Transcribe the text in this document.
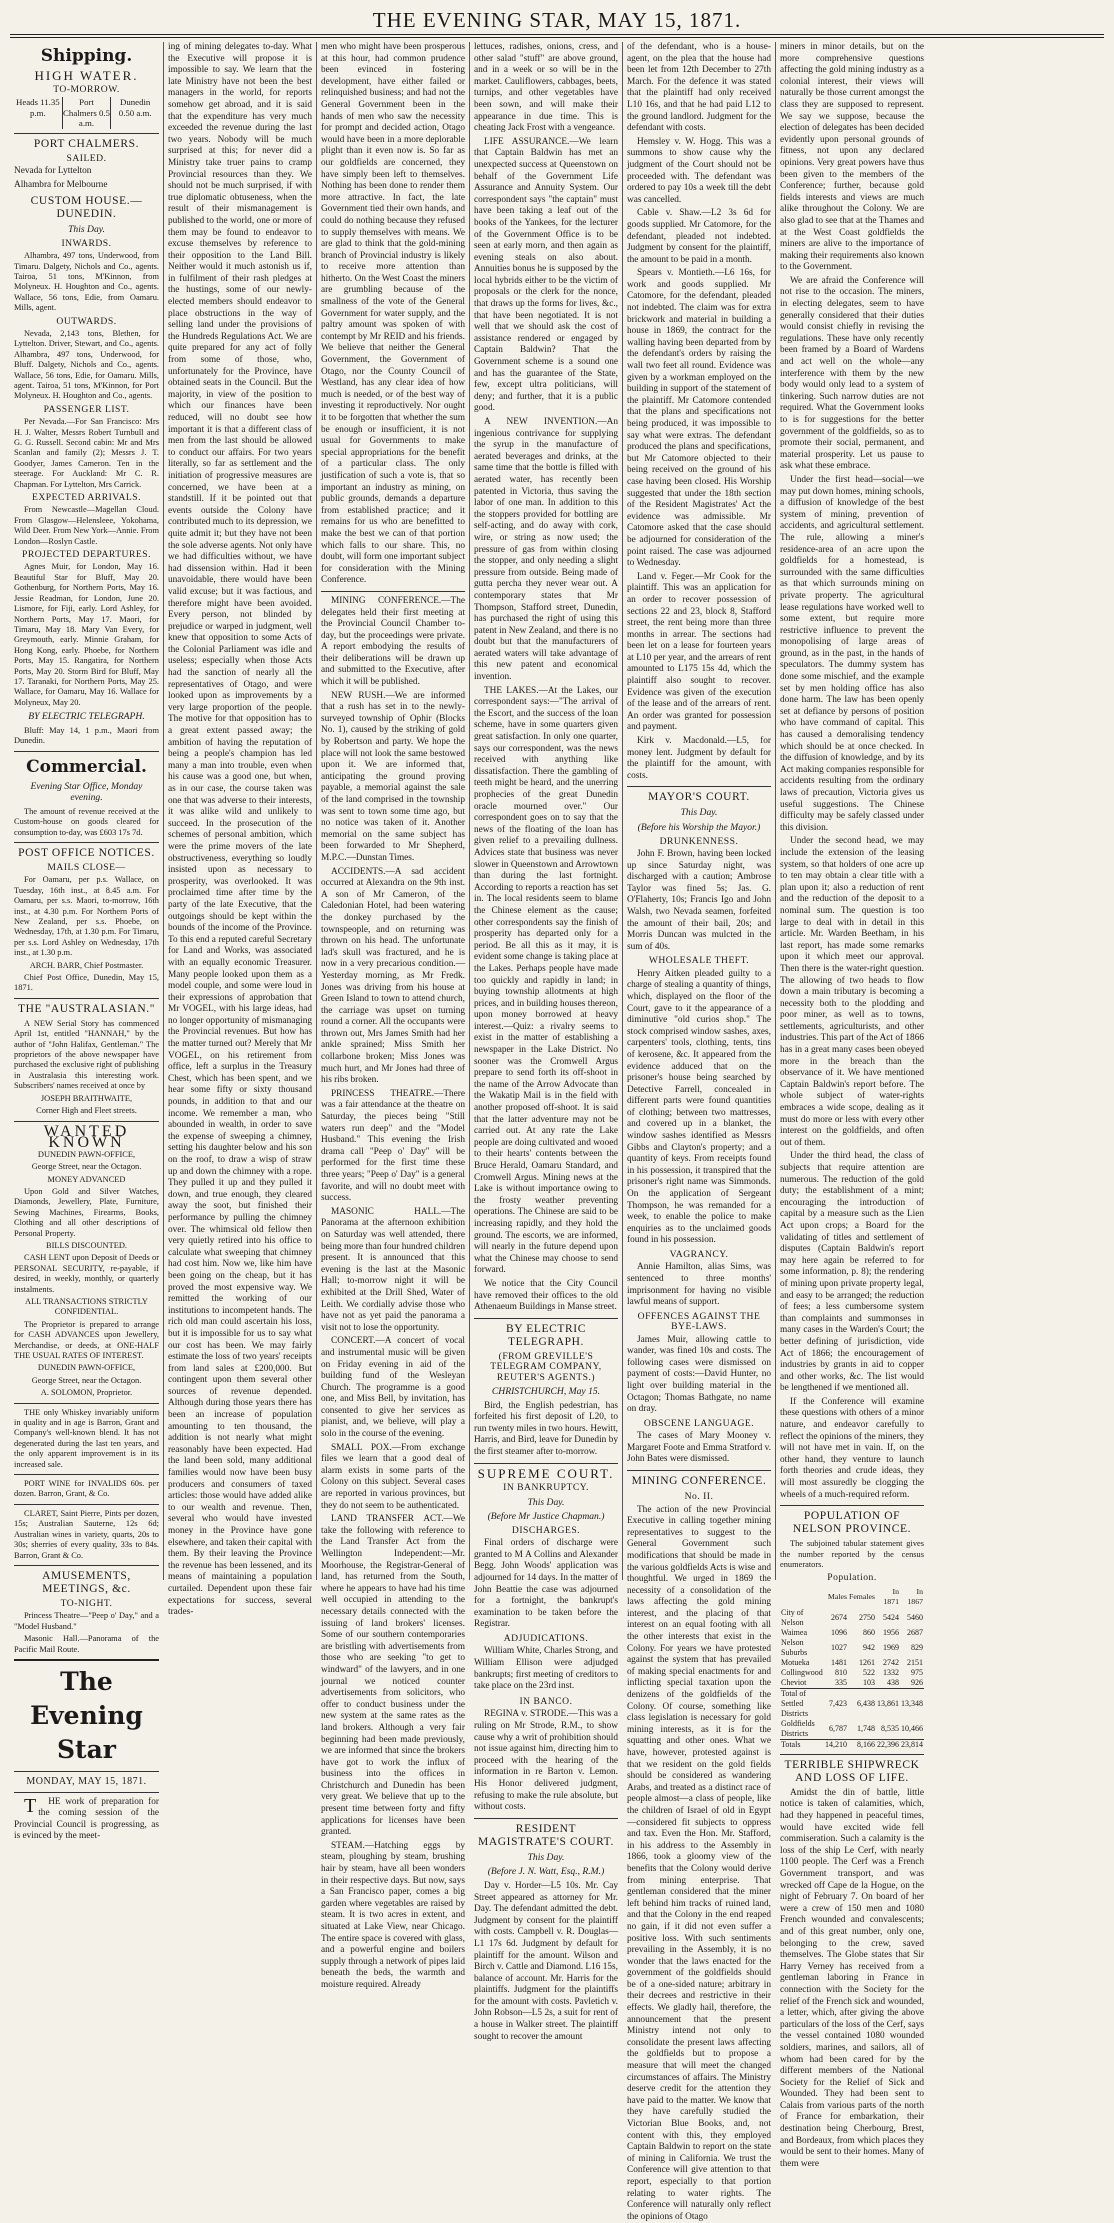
THE EVENING STAR, MAY 15, 1871.
Shipping.
HIGH WATER.
TO-MORROW.
Heads 11.35 p.m.
Port Chalmers 0.5 a.m.
Dunedin 0.50 a.m.
PORT CHALMERS.
SAILED.

Nevada for Lyttelton

Alhambra for Melbourne

CUSTOM HOUSE.—DUNEDIN.
This Day.
INWARDS.

Alhambra, 497 tons, Underwood, from Timaru. Dalgety, Nichols and Co., agents. Tairoa, 51 tons, M'Kinnon, from Molyneux. H. Houghton and Co., agents. Wallace, 56 tons, Edie, from Oamaru. Mills, agent.

OUTWARDS.

Nevada, 2,143 tons, Blethen, for Lyttelton. Driver, Stewart, and Co., agents. Alhambra, 497 tons, Underwood, for Bluff. Dalgety, Nichols and Co., agents. Wallace, 56 tons, Edie, for Oamaru. Mills, agent. Tairoa, 51 tons, M'Kinnon, for Port Molyneux. H. Houghton and Co., agents.

PASSENGER LIST.

Per Nevada.—For San Francisco: Mrs H. J. Walter, Messrs Robert Turnbull and G. G. Russell. Second cabin: Mr and Mrs Scanlan and family (2); Messrs J. T. Goodyer, James Cameron. Ten in the steerage. For Auckland: Mr C. R. Chapman. For Lyttelton, Mrs Carrick.

EXPECTED ARRIVALS.

From Newcastle—Magellan Cloud. From Glasgow—Helensleee, Yokohama, Wild Deer. From New York—Annie. From London—Roslyn Castle.

PROJECTED DEPARTURES.

Agnes Muir, for London, May 16. Beautiful Star for Bluff, May 20. Gothenburg, for Northern Ports, May 16. Jessie Readman, for London, June 20. Lismore, for Fiji, early. Lord Ashley, for Northern Ports, May 17. Maori, for Timaru, May 18. Mary Van Every, for Greymouth, early. Minnie Graham, for Hong Kong, early. Phoebe, for Northern Ports, May 15. Rangatira, for Northern Ports, May 20. Storm Bird for Bluff, May 17. Taranaki, for Northern Ports, May 25. Wallace, for Oamaru, May 16. Wallace for Molyneux, May 20.

BY ELECTRIC TELEGRAPH.

Bluff: May 14, 1 p.m., Maori from Dunedin.

Commercial.
Evening Star Office, Monday evening.

The amount of revenue received at the Custom-house on goods cleared for consumption to-day, was £603 17s 7d.

POST OFFICE NOTICES.
MAILS CLOSE—

For Oamaru, per p.s. Wallace, on Tuesday, 16th inst., at 8.45 a.m. For Oamaru, per s.s. Maori, to-morrow, 16th inst., at 4.30 p.m. For Northern Ports of New Zealand, per s.s. Phoebe, on Wednesday, 17th, at 1.30 p.m. For Timaru, per s.s. Lord Ashley on Wednesday, 17th inst., at 1.30 p.m.

ARCH. BARR, Chief Postmaster.

Chief Post Office, Dunedin, May 15, 1871.

THE "AUSTRALASIAN."

A NEW Serial Story has commenced April 1st, entitled "HANNAH," by the author of "John Halifax, Gentleman." The proprietors of the above newspaper have purchased the exclusive right of publishing in Australasia this interesting work. Subscribers' names received at once by

JOSEPH BRAITHWAITE,

Corner High and Fleet streets.

WANTED KNOWN

DUNEDIN PAWN-OFFICE,

George Street, near the Octagon.

MONEY ADVANCED

Upon Gold and Silver Watches, Diamonds, Jewellery, Plate, Furniture, Sewing Machines, Firearms, Books, Clothing and all other descriptions of Personal Property.

BILLS DISCOUNTED.

CASH LENT upon Deposit of Deeds or PERSONAL SECURITY, re-payable, if desired, in weekly, monthly, or quarterly instalments.

ALL TRANSACTIONS STRICTLY CONFIDENTIAL.

The Proprietor is prepared to arrange for CASH ADVANCES upon Jewellery, Merchandise, or deeds, at ONE-HALF THE USUAL RATES OF INTEREST.

DUNEDIN PAWN-OFFICE,

George Street, near the Octagon.

A. SOLOMON, Proprietor.

THE only Whiskey invariably uniform in quality and in age is Barron, Grant and Company's well-known blend. It has not degenerated during the last ten years, and the only apparent improvement is in its increased sale.

PORT WINE for INVALIDS 60s. per dozen. Barron, Grant, & Co.

CLARET, Saint Pierre, Pints per dozen, 15s; Australian Sauterne, 12s 6d; Australian wines in variety, quarts, 20s to 30s; sherries of every quality, 33s to 84s. Barron, Grant & Co.

AMUSEMENTS, MEETINGS, &c.
TO-NIGHT.

Princess Theatre—"Peep o' Day," and a "Model Husband."

Masonic Hall.—Panorama of the Pacific Mail Route.

The Evening Star
MONDAY, MAY 15, 1871.

THE work of preparation for the coming session of the Provincial Council is progressing, as is evinced by the meet-

ing of mining delegates to-day. What the Executive will propose it is impossible to say. We learn that the late Ministry have not been the best managers in the world, for reports somehow get abroad, and it is said that the expenditure has very much exceeded the revenue during the last two years. Nobody will be much surprised at this; for never did a Ministry take truer pains to cramp Provincial resources than they. We should not be much surprised, if with true diplomatic obtuseness, when the result of their mismanagement is published to the world, one or more of them may be found to endeavor to excuse themselves by reference to their opposition to the Land Bill. Neither would it much astonish us if, in fulfilment of their rash pledges at the hustings, some of our newly-elected members should endeavor to place obstructions in the way of selling land under the provisions of the Hundreds Regulations Act. We are quite prepared for any act of folly from some of those, who, unfortunately for the Province, have obtained seats in the Council. But the majority, in view of the position to which our finances have been reduced, will no doubt see how important it is that a different class of men from the last should be allowed to conduct our affairs. For two years literally, so far as settlement and the initiation of progressive measures are concerned, we have been at a standstill. If it be pointed out that events outside the Colony have contributed much to its depression, we quite admit it; but they have not been the sole adverse agents. Not only have we had difficulties without, we have had dissension within. Had it been unavoidable, there would have been valid excuse; but it was factious, and therefore might have been avoided. Every person, not blinded by prejudice or warped in judgment, well knew that opposition to some Acts of the Colonial Parliament was idle and useless; especially when those Acts had the sanction of nearly all the representatives of Otago, and were looked upon as improvements by a very large proportion of the people. The motive for that opposition has to a great extent passed away; the ambition of having the reputation of being a people's champion has led many a man into trouble, even when his cause was a good one, but when, as in our case, the course taken was one that was adverse to their interests, it was alike wild and unlikely to succeed. In the prosecution of the schemes of personal ambition, which were the prime movers of the late obstructiveness, everything so loudly insisted upon as necessary to prosperity, was overlooked. It was proclaimed time after time by the party of the late Executive, that the outgoings should be kept within the bounds of the income of the Province. To this end a reputed careful Secretary for Land and Works, was associated with an equally economic Treasurer. Many people looked upon them as a model couple, and some were loud in their expressions of approbation that Mr VOGEL, with his large ideas, had no longer opportunity of mismanaging the Provincial revenues. But how has the matter turned out? Merely that Mr VOGEL, on his retirement from office, left a surplus in the Treasury Chest, which has been spent, and we hear some fifty or sixty thousand pounds, in addition to that and our income. We remember a man, who abounded in wealth, in order to save the expense of sweeping a chimney, setting his daughter below and his son on the roof, to draw a wisp of straw up and down the chimney with a rope. They pulled it up and they pulled it down, and true enough, they cleared away the soot, but finished their performance by pulling the chimney over. The whimsical old fellow then very quietly retired into his office to calculate what sweeping that chimney had cost him. Now we, like him have been going on the cheap, but it has proved the most expensive way. We remitted the working of our institutions to incompetent hands. The rich old man could ascertain his loss, but it is impossible for us to say what our cost has been. We may fairly estimate the loss of two years' receipts from land sales at £200,000. But contingent upon them several other sources of revenue depended. Although during those years there has been an increase of population amounting to ten thousand, the addition is not nearly what might reasonably have been expected. Had the land been sold, many additional families would now have been busy producers and consumers of taxed articles: those would have added alike to our wealth and revenue. Then, several who would have invested money in the Province have gone elsewhere, and taken their capital with them. By their leaving the Province the revenue has been lessened, and its means of maintaining a population curtailed. Dependent upon these fair expectations for success, several trades-

men who might have been prosperous at this hour, had common prudence been evinced in fostering development, have either failed or relinquished business; and had not the General Government been in the hands of men who saw the necessity for prompt and decided action, Otago would have been in a more deplorable plight than it even now is. So far as our goldfields are concerned, they have simply been left to themselves. Nothing has been done to render them more attractive. In fact, the late Government tied their own hands, and could do nothing because they refused to supply themselves with means. We are glad to think that the gold-mining branch of Provincial industry is likely to receive more attention than hitherto. On the West Coast the miners are grumbling because of the smallness of the vote of the General Government for water supply, and the paltry amount was spoken of with contempt by Mr REID and his friends. We believe that neither the General Government, the Government of Otago, nor the County Council of Westland, has any clear idea of how much is needed, or of the best way of investing it reproductively. Nor ought it to be forgotten that whether the sum be enough or insufficient, it is not usual for Governments to make special appropriations for the benefit of a particular class. The only justification of such a vote is, that so important an industry as mining, on public grounds, demands a departure from established practice; and it remains for us who are benefitted to make the best we can of that portion which falls to our share. This, no doubt, will form one important subject for consideration with the Mining Conference.

MINING CONFERENCE.—The delegates held their first meeting at the Provincial Council Chamber to-day, but the proceedings were private. A report embodying the results of their deliberations will be drawn up and submitted to the Executive, after which it will be published.

NEW RUSH.—We are informed that a rush has set in to the newly-surveyed township of Ophir (Blocks No. 1), caused by the striking of gold by Robertson and party. We hope the place will not look the same bestowed upon it. We are informed that, anticipating the ground proving payable, a memorial against the sale of the land comprised in the township was sent to town some time ago, but no notice was taken of it. Another memorial on the same subject has been forwarded to Mr Shepherd, M.P.C.—Dunstan Times.

ACCIDENTS.—A sad accident occurred at Alexandra on the 9th inst. A son of Mr Cameron, of the Caledonian Hotel, had been watering the donkey purchased by the townspeople, and on returning was thrown on his head. The unfortunate lad's skull was fractured, and he is now in a very precarious condition.—Yesterday morning, as Mr Fredk. Jones was driving from his house at Green Island to town to attend church, the carriage was upset on turning round a corner. All the occupants were thrown out, Mrs James Smith had her ankle sprained; Miss Smith her collarbone broken; Miss Jones was much hurt, and Mr Jones had three of his ribs broken.

PRINCESS THEATRE.—There was a fair attendance at the theatre on Saturday, the pieces being "Still waters run deep" and the "Model Husband." This evening the Irish drama call "Peep o' Day" will be performed for the first time these three years; "Peep o' Day" is a general favorite, and will no doubt meet with success.

MASONIC HALL.—The Panorama at the afternoon exhibition on Saturday was well attended, there being more than four hundred children present. It is announced that this evening is the last at the Masonic Hall; to-morrow night it will be exhibited at the Drill Shed, Water of Leith. We cordially advise those who have not as yet paid the panorama a visit not to lose the opportunity.

CONCERT.—A concert of vocal and instrumental music will be given on Friday evening in aid of the building fund of the Wesleyan Church. The programme is a good one, and Miss Bell, by invitation, has consented to give her services as pianist, and, we believe, will play a solo in the course of the evening.

SMALL POX.—From exchange files we learn that a good deal of alarm exists in some parts of the Colony on this subject. Several cases are reported in various provinces, but they do not seem to be authenticated.

LAND TRANSFER ACT.—We take the following with reference to the Land Transfer Act from the Wellington Independent:—Mr. Moorhouse, the Registrar-General of land, has returned from the South, where he appears to have had his time well occupied in attending to the necessary details connected with the issuing of land brokers' licenses. Some of our southern contemporaries are bristling with advertisements from those who are seeking "to get to windward" of the lawyers, and in one journal we noticed counter advertisements from solicitors, who offer to conduct business under the new system at the same rates as the land brokers. Although a very fair beginning had been made previously, we are informed that since the brokers have got to work the influx of business into the offices in Christchurch and Dunedin has been very great. We believe that up to the present time between forty and fifty applications for licenses have been granted.

STEAM.—Hatching eggs by steam, ploughing by steam, brushing hair by steam, have all been wonders in their respective days. But now, says a San Francisco paper, comes a big garden where vegetables are raised by steam. It is two acres in extent, and situated at Lake View, near Chicago. The entire space is covered with glass, and a powerful engine and boilers supply through a network of pipes laid beneath the beds, the warmth and moisture required. Already

lettuces, radishes, onions, cress, and other salad "stuff" are above ground, and in a week or so will be in the market. Cauliflowers, cabbages, beets, turnips, and other vegetables have been sown, and will make their appearance in due time. This is cheating Jack Frost with a vengeance.

LIFE ASSURANCE.—We learn that Captain Baldwin has met an unexpected success at Queenstown on behalf of the Government Life Assurance and Annuity System. Our correspondent says "the captain" must have been taking a leaf out of the books of the Yankees, for the lecturer of the Government Office is to be seen at early morn, and then again as evening steals on also about. Annuities bonus he is supposed by the local hybrids either to be the victim of proposals or the clerk for the nonce, that draws up the forms for lives, &c., that have been negotiated. It is not well that we should ask the cost of assistance rendered or engaged by Captain Baldwin? That the Government scheme is a sound one and has the guarantee of the State, few, except ultra politicians, will deny; and further, that it is a public good.

A NEW INVENTION.—An ingenious contrivance for supplying the syrup in the manufacture of aerated beverages and drinks, at the same time that the bottle is filled with aerated water, has recently been patented in Victoria, thus saving the labor of one man. In addition to this the stoppers provided for bottling are self-acting, and do away with cork, wire, or string as now used; the pressure of gas from within closing the stopper, and only needing a slight pressure from outside. Being made of gutta percha they never wear out. A contemporary states that Mr Thompson, Stafford street, Dunedin, has purchased the right of using this patent in New Zealand, and there is no doubt but that the manufacturers of aerated waters will take advantage of this new patent and economical invention.

THE LAKES.—At the Lakes, our correspondent says:—"The arrival of the Escort, and the success of the loan scheme, have in some quarters given great satisfaction. In only one quarter, says our correspondent, was the news received with anything like dissatisfaction. There the gambling of teeth might be heard, and the unerring prophecies of the great Dunedin oracle mourned over." Our correspondent goes on to say that the news of the floating of the loan has given relief to a prevailing dullness. Advices state that business was never slower in Queenstown and Arrowtown than during the last fortnight. According to reports a reaction has set in. The local residents seem to blame the Chinese element as the cause; other correspondents say the finish of prosperity has departed only for a period. Be all this as it may, it is evident some change is taking place at the Lakes. Perhaps people have made too quickly and rapidly in land; in buying township allotments at high prices, and in building houses thereon, upon money borrowed at heavy interest.—Quiz: a rivalry seems to exist in the matter of establishing a newspaper in the Lake District. No sooner was the Cromwell Argus prepare to send forth its off-shoot in the name of the Arrow Advocate than the Wakatip Mail is in the field with another proposed off-shoot. It is said that the latter adventure may not be carried out. At any rate the Lake people are doing cultivated and wooed to their hearts' contents between the Bruce Herald, Oamaru Standard, and Cromwell Argus. Mining news at the Lake is without importance owing to the frosty weather preventing operations. The Chinese are said to be increasing rapidly, and they hold the ground. The escorts, we are informed, will nearly in the future depend upon what the Chinese may choose to send forward.

We notice that the City Council have removed their offices to the old Athenaeum Buildings in Manse street.

BY ELECTRIC TELEGRAPH.
(FROM GREVILLE'S TELEGRAM COMPANY, REUTER'S AGENTS.)
CHRISTCHURCH, May 15.

Bird, the English pedestrian, has forfeited his first deposit of L20, to run twenty miles in two hours. Hewitt, Harris, and Bird, leave for Dunedin by the first steamer after to-morrow.

SUPREME COURT.
IN BANKRUPTCY.
This Day.
(Before Mr Justice Chapman.)
DISCHARGES.

Final orders of discharge were granted to M A Collins and Alexander Begg. John Woods' application was adjourned for 14 days. In the matter of John Beattie the case was adjourned for a fortnight, the bankrupt's examination to be taken before the Registrar.

ADJUDICATIONS.

William White, Charles Strong, and William Ellison were adjudged bankrupts; first meeting of creditors to take place on the 23rd inst.

IN BANCO.

REGINA v. STRODE.—This was a ruling on Mr Strode, R.M., to show cause why a writ of prohibition should not issue against him, directing him to proceed with the hearing of the information in re Barton v. Lemon. His Honor delivered judgment, refusing to make the rule absolute, but without costs.

RESIDENT MAGISTRATE'S COURT.
This Day.
(Before J. N. Watt, Esq., R.M.)

Day v. Horder—L5 10s. Mr. Cay Street appeared as attorney for Mr. Day. The defendant admitted the debt. Judgment by consent for the plaintiff with costs. Campbell v. R. Douglas—L1 17s 6d. Judgment by default for plaintiff for the amount. Wilson and Birch v. Cattle and Diamond. L16 15s, balance of account. Mr. Harris for the plaintiffs. Judgment for the plaintiffs for the amount with costs. Pavletich v. John Robson—L5 2s, a suit for rent of a house in Walker street. The plaintiff sought to recover the amount

of the defendant, who is a house-agent, on the plea that the house had been let from 12th December to 27th March. For the defence it was stated that the plaintiff had only received L10 16s, and that he had paid L12 to the ground landlord. Judgment for the defendant with costs.

Hemsley v. W. Hogg. This was a summons to show cause why the judgment of the Court should not be proceeded with. The defendant was ordered to pay 10s a week till the debt was cancelled.

Cable v. Shaw.—L2 3s 6d for goods supplied. Mr Catomore, for the defendant, pleaded not indebted. Judgment by consent for the plaintiff, the amount to be paid in a month.

Spears v. Montieth.—L6 16s, for work and goods supplied. Mr Catomore, for the defendant, pleaded not indebted. The claim was for extra brickwork and material in building a house in 1869, the contract for the walling having been departed from by the defendant's orders by raising the wall two feet all round. Evidence was given by a workman employed on the building in support of the statement of the plaintiff. Mr Catomore contended that the plans and specifications not being produced, it was impossible to say what were extras. The defendant produced the plans and specifications, but Mr Catomore objected to their being received on the ground of his case having been closed. His Worship suggested that under the 18th section of the Resident Magistrates' Act the evidence was admissible. Mr Catomore asked that the case should be adjourned for consideration of the point raised. The case was adjourned to Wednesday.

Land v. Feger.—Mr Cook for the plaintiff. This was an application for an order to recover possession of sections 22 and 23, block 8, Stafford street, the rent being more than three months in arrear. The sections had been let on a lease for fourteen years at L10 per year, and the arrears of rent amounted to L175 15s 4d, which the plaintiff also sought to recover. Evidence was given of the execution of the lease and of the arrears of rent. An order was granted for possession and payment.

Kirk v. Macdonald.—L5, for money lent. Judgment by default for the plaintiff for the amount, with costs.

MAYOR'S COURT.
This Day.
(Before his Worship the Mayor.)
DRUNKENNESS.

John F. Brown, having been locked up since Saturday night, was discharged with a caution; Ambrose Taylor was fined 5s; Jas. G. O'Flaherty, 10s; Francis Igo and John Walsh, two Nevada seamen, forfeited the amount of their bail, 20s; and Morris Duncan was mulcted in the sum of 40s.

WHOLESALE THEFT.

Henry Aitken pleaded guilty to a charge of stealing a quantity of things, which, displayed on the floor of the Court, gave to it the appearance of a diminutive "old curios shop." The stock comprised window sashes, axes, carpenters' tools, clothing, tents, tins of kerosene, &c. It appeared from the evidence adduced that on the prisoner's house being searched by Detective Farrell, concealed in different parts were found quantities of clothing; between two mattresses, and covered up in a blanket, the window sashes identified as Messrs Gibbs and Clayton's property; and a quantity of keys. From receipts found in his possession, it transpired that the prisoner's right name was Simmonds. On the application of Sergeant Thompson, he was remanded for a week, to enable the police to make enquiries as to the unclaimed goods found in his possession.

VAGRANCY.

Annie Hamilton, alias Sims, was sentenced to three months' imprisonment for having no visible lawful means of support.

OFFENCES AGAINST THE BYE-LAWS.

James Muir, allowing cattle to wander, was fined 10s and costs. The following cases were dismissed on payment of costs:—David Hunter, no light over building material in the Octagon; Thomas Bathgate, no name on dray.

OBSCENE LANGUAGE.

The cases of Mary Mooney v. Margaret Foote and Emma Stratford v. John Bates were dismissed.

MINING CONFERENCE.
No. II.

The action of the new Provincial Executive in calling together mining representatives to suggest to the General Government such modifications that should be made in the various goldfields Acts is wise and thoughtful. We urged in 1869 the necessity of a consolidation of the laws affecting the gold mining interest, and the placing of that interest on an equal footing with all the other interests that exist in the Colony. For years we have protested against the system that has prevailed of making special enactments for and inflicting special taxation upon the denizens of the goldfields of the Colony. Of course, something like class legislation is necessary for gold mining interests, as it is for the squatting and other ones. What we have, however, protested against is that we resident on the gold fields should be considered as wandering Arabs, and treated as a distinct race of people almost—a class of people, like the children of Israel of old in Egypt—considered fit subjects to oppress and tax. Even the Hon. Mr. Stafford, in his address to the Assembly in 1866, took a gloomy view of the benefits that the Colony would derive from mining enterprise. That gentleman considered that the miner left behind him tracks of ruined land, and that the Colony in the end reaped no gain, if it did not even suffer a positive loss. With such sentiments prevailing in the Assembly, it is no wonder that the laws enacted for the government of the goldfields should be of a one-sided nature; arbitrary in their decrees and restrictive in their effects. We gladly hail, therefore, the announcement that the present Ministry intend not only to consolidate the present laws affecting the goldfields but to propose a measure that will meet the changed circumstances of affairs. The Ministry deserve credit for the attention they have paid to the matter. We know that they have carefully studied the Victorian Blue Books, and, not content with this, they employed Captain Baldwin to report on the state of mining in California. We trust the Conference will give attention to that report, especially to that portion relating to water rights. The Conference will naturally only reflect the opinions of Otago

miners in minor details, but on the more comprehensive questions affecting the gold mining industry as a colonial interest, their views will naturally be those current amongst the class they are supposed to represent. We say we suppose, because the election of delegates has been decided evidently upon personal grounds of fitness, not upon any declared opinions. Very great powers have thus been given to the members of the Conference; further, because gold fields interests and views are much alike throughout the Colony. We are also glad to see that at the Thames and at the West Coast goldfields the miners are alive to the importance of making their requirements also known to the Government.

We are afraid the Conference will not rise to the occasion. The miners, in electing delegates, seem to have generally considered that their duties would consist chiefly in revising the regulations. These have only recently been framed by a Board of Wardens and act well on the whole—any interference with them by the new body would only lead to a system of tinkering. Such narrow duties are not required. What the Government looks to is for suggestions for the better government of the goldfields, so as to promote their social, permanent, and material prosperity. Let us pause to ask what these embrace.

Under the first head—social—we may put down homes, mining schools, a diffusion of knowledge of the best system of mining, prevention of accidents, and agricultural settlement. The rule, allowing a miner's residence-area of an acre upon the goldfields for a homestead, is surrounded with the same difficulties as that which surrounds mining on private property. The agricultural lease regulations have worked well to some extent, but require more restrictive influence to prevent the monopolising of large areas of ground, as in the past, in the hands of speculators. The dummy system has done some mischief, and the example set by men holding office has also done harm. The law has been openly set at defiance by persons of position who have command of capital. This has caused a demoralising tendency which should be at once checked. In the diffusion of knowledge, and by its Act making companies responsible for accidents resulting from the ordinary laws of precaution, Victoria gives us useful suggestions. The Chinese difficulty may be safely classed under this division.

Under the second head, we may include the extension of the leasing system, so that holders of one acre up to ten may obtain a clear title with a plan upon it; also a reduction of rent and the reduction of the deposit to a nominal sum. The question is too large to deal with in detail in this article. Mr. Warden Beetham, in his last report, has made some remarks upon it which meet our approval. Then there is the water-right question. The allowing of two heads to flow down a main tributary is becoming a necessity both to the plodding and poor miner, as well as to towns, settlements, agriculturists, and other industries. This part of the Act of 1866 has in a great many cases been obeyed more in the breach than the observance of it. We have mentioned Captain Baldwin's report before. The whole subject of water-rights embraces a wide scope, dealing as it must do more or less with every other interest on the goldfields, and often out of them.

Under the third head, the class of subjects that require attention are numerous. The reduction of the gold duty; the establishment of a mint; encouraging the introduction of capital by a measure such as the Lien Act upon crops; a Board for the validating of titles and settlement of disputes (Captain Baldwin's report may here again be referred to for some information, p. 8); the rendering of mining upon private property legal, and easy to be arranged; the reduction of fees; a less cumbersome system than complaints and summonses in many cases in the Warden's Court; the better defining of jurisdiction, vide Act of 1866; the encouragement of industries by grants in aid to copper and other works, &c. The list would be lengthened if we mentioned all.

If the Conference will examine these questions with others of a minor nature, and endeavor carefully to reflect the opinions of the miners, they will not have met in vain. If, on the other hand, they venture to launch forth theories and crude ideas, they will most assuredly be clogging the wheels of a much-required reform.

POPULATION OF NELSON PROVINCE.

The subjoined tabular statement gives the number reported by the census enumerators.

Population.
	Males	Females	In 1871	In 1867
City of Nelson	2674	2750	5424	5460
Waimea	1096	860	1956	2687
Nelson Suburbs	1027	942	1969	829
Motueka	1481	1261	2742	2151
Collingwood	810	522	1332	975
Cheviot	335	103	438	926
Total of Settled Districts	7,423	6,438	13,861	13,348
Goldfields Districts	6,787	1,748	8,535	10,466
Totals	14,210	8,166	22,396	23,814
TERRIBLE SHIPWRECK AND LOSS OF LIFE.

Amidst the din of battle, little notice is taken of calamities, which, had they happened in peaceful times, would have excited wide fell commiseration. Such a calamity is the loss of the ship Le Cerf, with nearly 1100 people. The Cerf was a French Government transport, and was wrecked off Cape de la Hogue, on the night of February 7. On board of her were a crew of 150 men and 1080 French wounded and convalescents; and of this great number, only one, belonging to the crew, saved themselves. The Globe states that Sir Harry Verney has received from a gentleman laboring in France in connection with the Society for the relief of the French sick and wounded, a letter, which, after giving the above particulars of the loss of the Cerf, says the vessel contained 1080 wounded soldiers, marines, and sailors, all of whom had been cared for by the different members of the National Society for the Relief of Sick and Wounded. They had been sent to Calais from various parts of the north of France for embarkation, their destination being Cherbourg, Brest, and Bordeaux, from which places they would be sent to their homes. Many of them were
